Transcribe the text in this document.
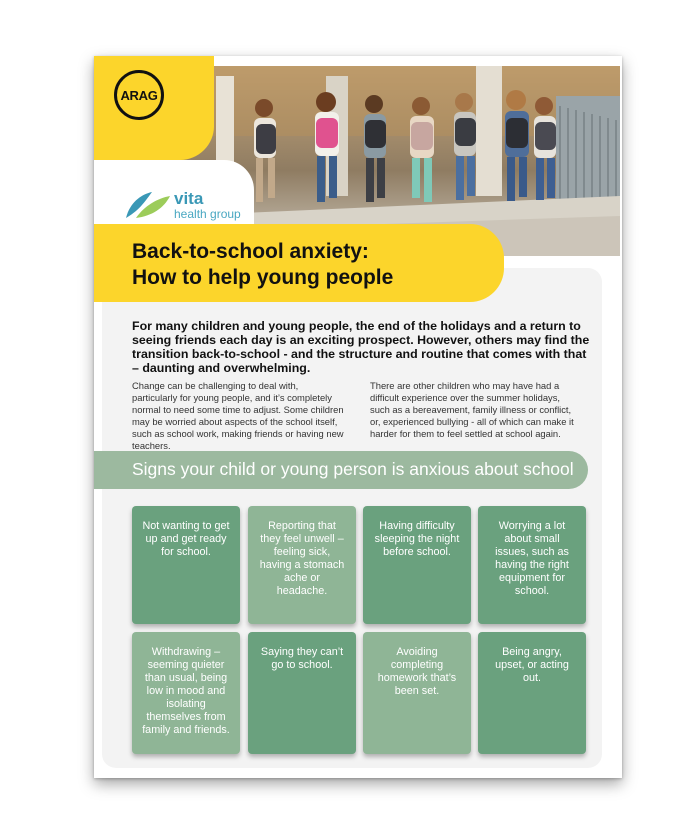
ARAG
vita
health group
Back-to-school anxiety:
How to help young people
For many children and young people, the end of the holidays and a return to seeing friends each day is an exciting prospect. However, others may find the transition back-to-school - and the structure and routine that comes with that – daunting and overwhelming.
Change can be challenging to deal with, particularly for young people, and it’s completely normal to need some time to adjust. Some children may be worried about aspects of the school itself, such as school work, making friends or having new teachers.
There are other children who may have had a difficult experience over the summer holidays, such as a bereavement, family illness or conflict, or, experienced bullying - all of which can make it harder for them to feel settled at school again.
Signs your child or young person is anxious about school
Not wanting to get up and get ready for school.
Reporting that they feel unwell – feeling sick, having a stomach ache or headache.
Having difficulty sleeping the night before school.
Worrying a lot about small issues, such as having the right equipment for school.
Withdrawing – seeming quieter than usual, being low in mood and isolating themselves from family and friends.
Saying they can’t go to school.
Avoiding completing homework that’s been set.
Being angry, upset, or acting out.
